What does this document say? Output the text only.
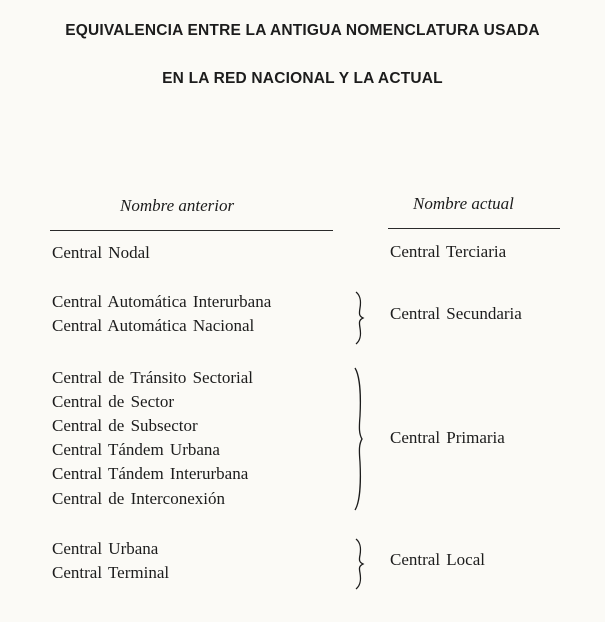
EQUIVALENCIA ENTRE LA ANTIGUA NOMENCLATURA USADA
EN LA RED NACIONAL Y LA ACTUAL
Nombre anterior	Nombre actual
Central Nodal	Central Terciaria
Central Automática Interurbana
Central Automática Nacional
Central Secundaria
Central de Tránsito Sectorial
Central de Sector
Central de Subsector
Central Tándem Urbana
Central Tándem Interurbana
Central de Interconexión
Central Primaria
Central Urbana
Central Terminal
Central Local
